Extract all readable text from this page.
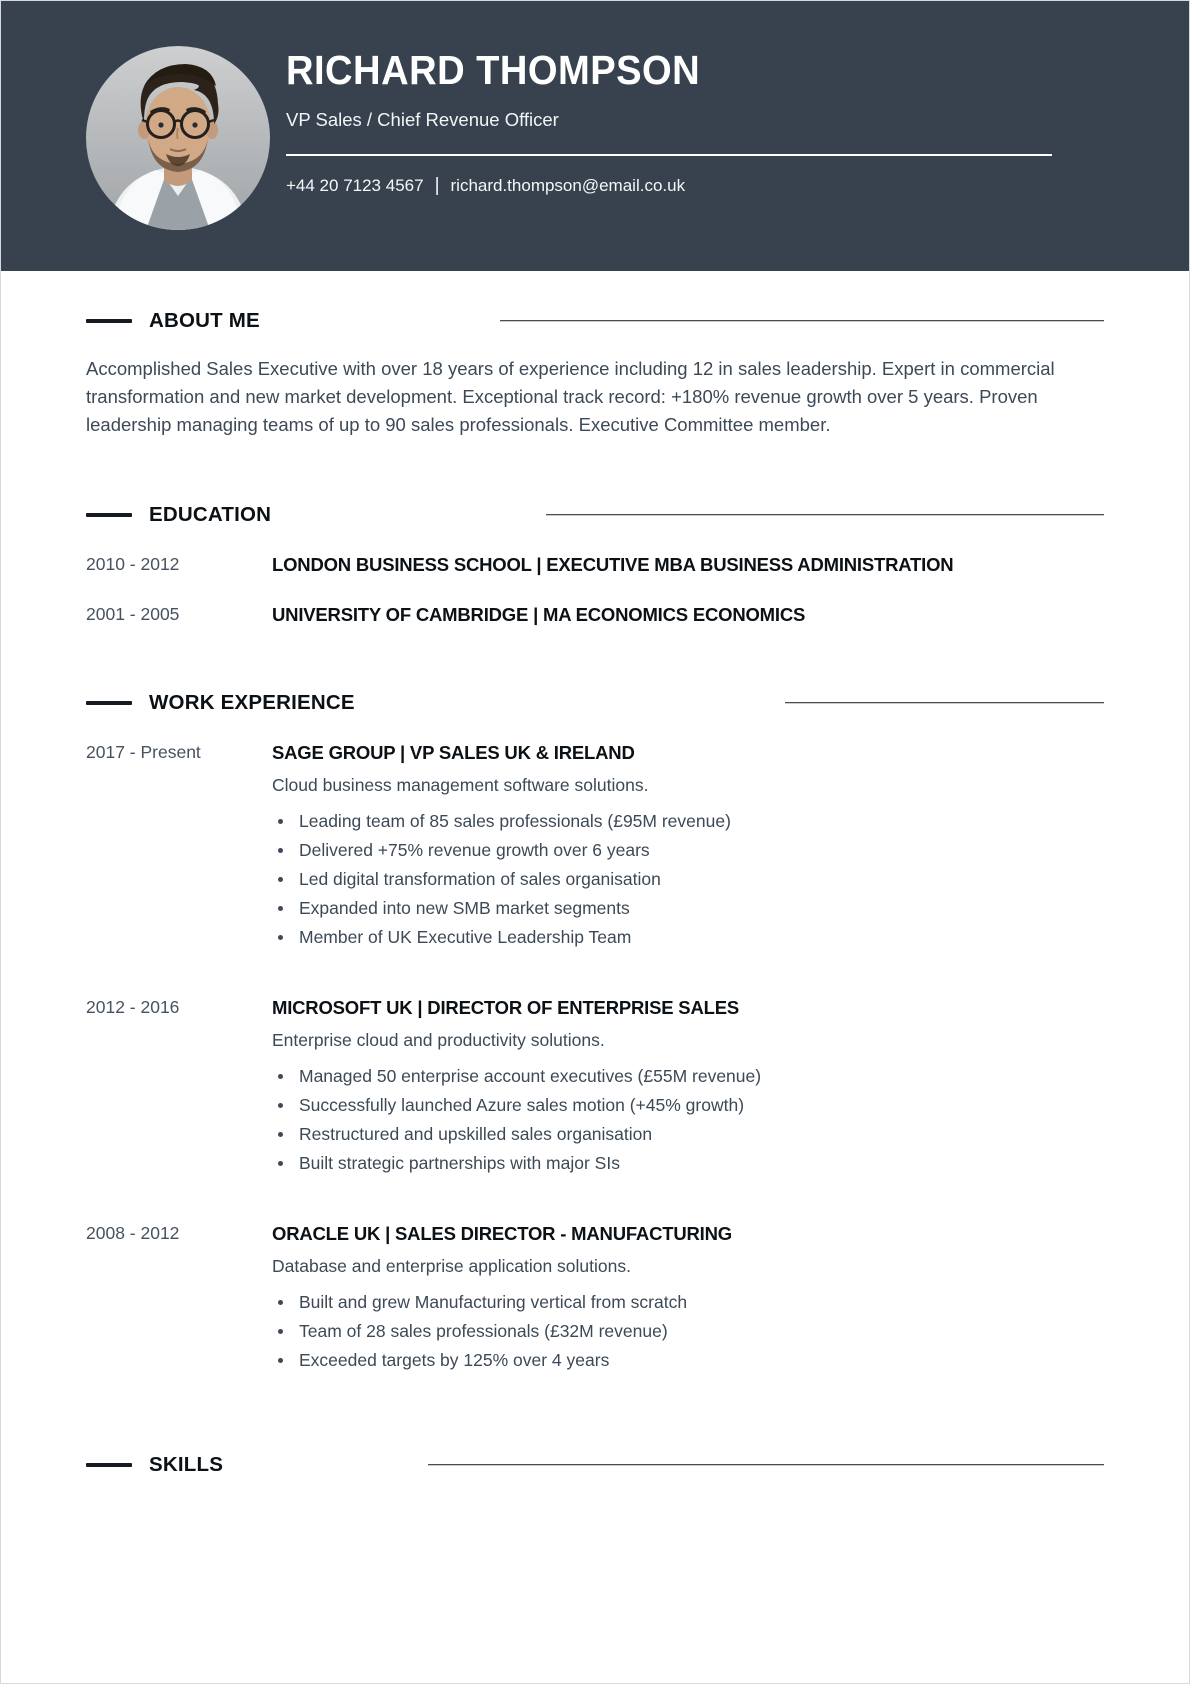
RICHARD THOMPSON
VP Sales / Chief Revenue Officer
+44 20 7123 4567 | richard.thompson@email.co.uk
ABOUT ME

Accomplished Sales Executive with over 18 years of experience including 12 in sales leadership. Expert in commercial transformation and new market development. Exceptional track record: +180% revenue growth over 5 years. Proven leadership managing teams of up to 90 sales professionals. Executive Committee member.

EDUCATION
2010 - 2012	LONDON BUSINESS SCHOOL | EXECUTIVE MBA BUSINESS ADMINISTRATION
2001 - 2005	UNIVERSITY OF CAMBRIDGE | MA ECONOMICS ECONOMICS
WORK EXPERIENCE
2017 - Present	SAGE GROUP | VP SALES UK & IRELAND
Cloud business management software solutions.
Leading team of 85 sales professionals (£95M revenue)
Delivered +75% revenue growth over 6 years
Led digital transformation of sales organisation
Expanded into new SMB market segments
Member of UK Executive Leadership Team
2012 - 2016	MICROSOFT UK | DIRECTOR OF ENTERPRISE SALES
Enterprise cloud and productivity solutions.
Managed 50 enterprise account executives (£55M revenue)
Successfully launched Azure sales motion (+45% growth)
Restructured and upskilled sales organisation
Built strategic partnerships with major SIs
2008 - 2012	ORACLE UK | SALES DIRECTOR - MANUFACTURING
Database and enterprise application solutions.
Built and grew Manufacturing vertical from scratch
Team of 28 sales professionals (£32M revenue)
Exceeded targets by 125% over 4 years
SKILLS
